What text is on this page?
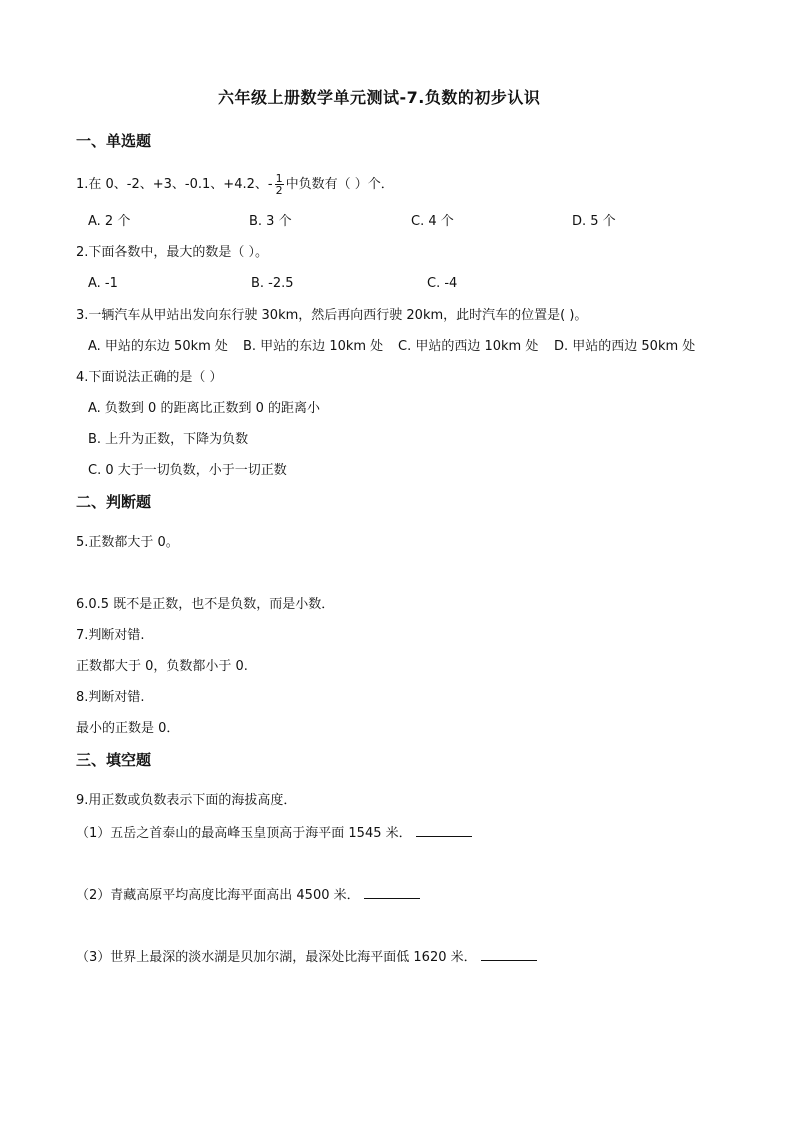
六年级上册数学单元测试-7.负数的初步认识
一、单选题
1.在 0、-2、+3、-0.1、+4.2、- $\frac{1}{2}$ 中负数有（ ）个．
A. 2 个	B. 3 个	C. 4 个	D. 5 个
2.下面各数中，最大的数是（ ）。
A. -1	B. -2.5	C. -4
3.一辆汽车从甲站出发向东行驶 30km，然后再向西行驶 20km，此时汽车的位置是( )。
A. 甲站的东边 50km 处 B. 甲站的东边 10km 处 C. 甲站的西边 10km 处 D. 甲站的西边 50km 处
4.下面说法正确的是（ ）
A. 负数到 0 的距离比正数到 0 的距离小
B. 上升为正数，下降为负数
C. 0 大于一切负数，小于一切正数
二、判断题
5.正数都大于 0。
6.0.5 既不是正数，也不是负数，而是小数．
7.判断对错.
正数都大于 0，负数都小于 0.
8.判断对错.
最小的正数是 0．
三、填空题
9.用正数或负数表示下面的海拔高度．
（1）五岳之首泰山的最高峰玉皇顶高于海平面 1545 米．
（2）青藏高原平均高度比海平面高出 4500 米．
（3）世界上最深的淡水湖是贝加尔湖，最深处比海平面低 1620 米．
